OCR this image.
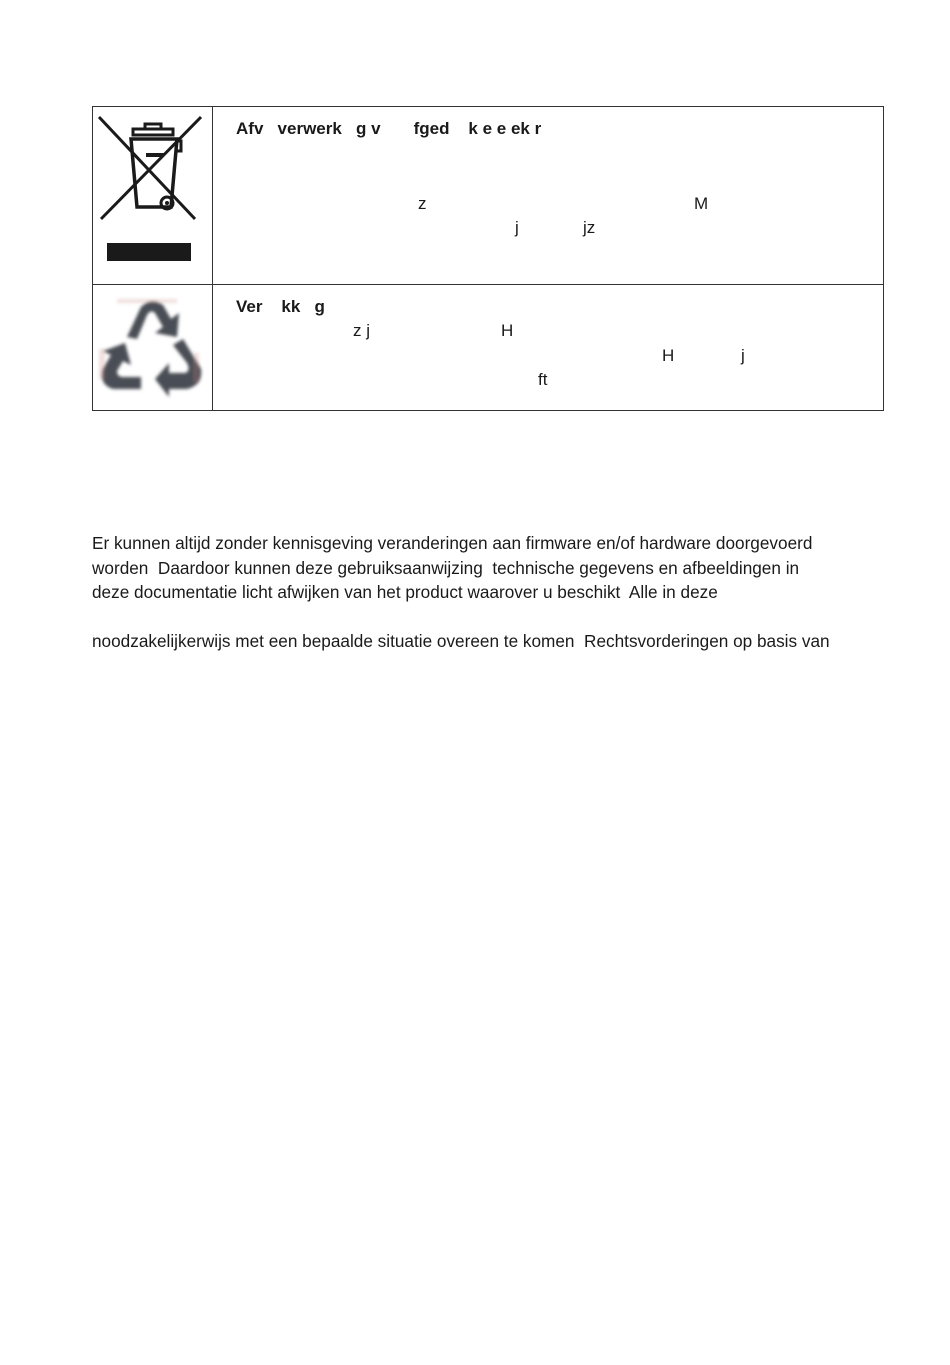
Afv   verwerk   g v       fged    k e e ek r
z	M
j	jz
Ver    kk   g
z j	H
H	j
ft
Er kunnen altijd zonder kennisgeving veranderingen aan firmware en/of hardware doorgevoerd
worden  Daardoor kunnen deze gebruiksaanwijzing  technische gegevens en afbeeldingen in
deze documentatie licht afwijken van het product waarover u beschikt  Alle in deze
noodzakelijkerwijs met een bepaalde situatie overeen te komen  Rechtsvorderingen op basis van
